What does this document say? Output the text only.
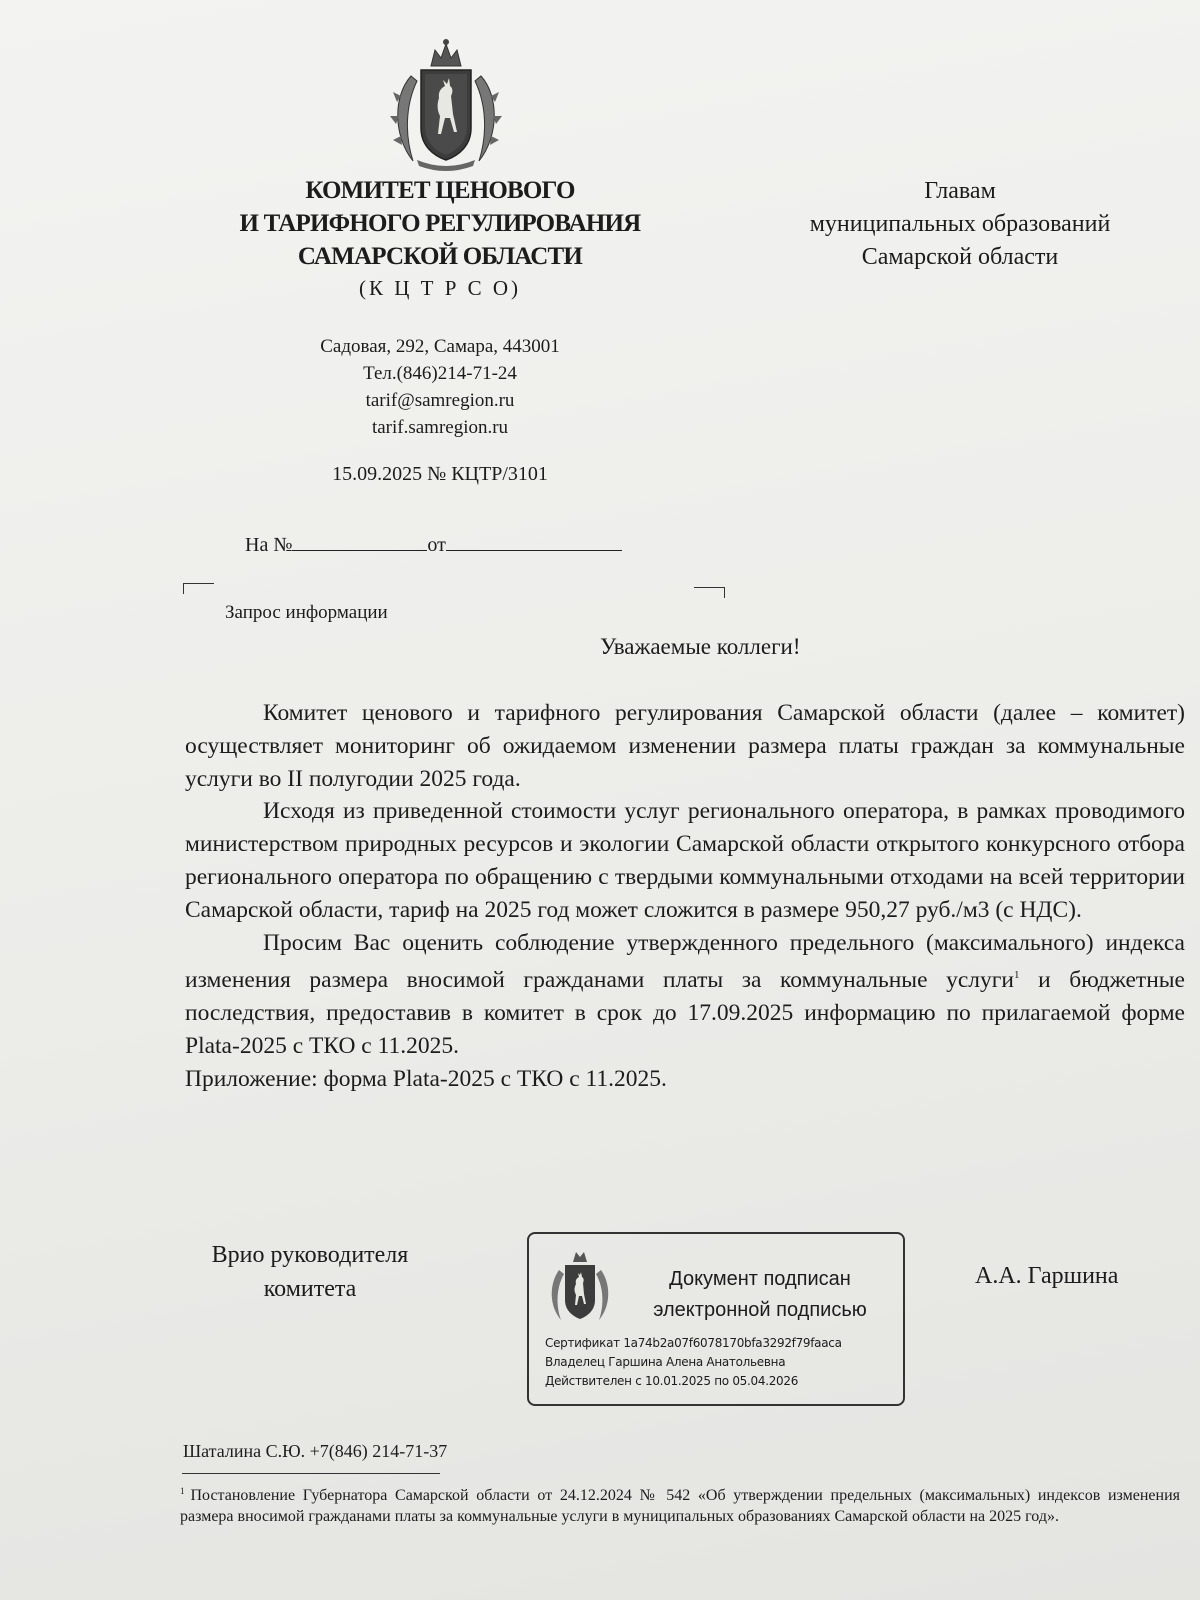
КОМИТЕТ ЦЕНОВОГО
И ТАРИФНОГО РЕГУЛИРОВАНИЯ
САМАРСКОЙ ОБЛАСТИ
(К Ц Т Р С О)
Садовая, 292, Самара, 443001
Тел.(846)214-71-24
tarif@samregion.ru
tarif.samregion.ru
15.09.2025 № КЦТР/3101
Главам
муниципальных образований
Самарской области
На №	от
Запрос информации
Уважаемые коллеги!

Комитет ценового и тарифного регулирования Самарской области (далее – комитет) осуществляет мониторинг об ожидаемом изменении размера платы граждан за коммунальные услуги во II полугодии 2025 года.

Исходя из приведенной стоимости услуг регионального оператора, в рамках проводимого министерством природных ресурсов и экологии Самарской области открытого конкурсного отбора регионального оператора по обращению с твердыми коммунальными отходами на всей территории Самарской области, тариф на 2025 год может сложится в размере 950,27 руб./м3 (с НДС).

Просим Вас оценить соблюдение утвержденного предельного (максимального) индекса изменения размера вносимой гражданами платы за коммунальные услуги$^1$ и бюджетные последствия, предоставив в комитет в срок до 17.09.2025 информацию по прилагаемой форме Plata-2025 с ТКО с 11.2025.

Приложение: форма Plata-2025 с ТКО с 11.2025.

Врио руководителя
комитета	Документ подписан
электронной подписью
Сертификат 1a74b2a07f6078170bfa3292f79faaca
Владелец Гаршина Алена Анатольевна
Действителен с 10.01.2025 по 05.04.2026
А.А. Гаршина
Шаталина С.Ю. +7(846) 214-71-37
$^1$ Постановление Губернатора Самарской области от 24.12.2024 № 542 «Об утверждении предельных (максимальных) индексов изменения размера вносимой гражданами платы за коммунальные услуги в муниципальных образованиях Самарской области на 2025 год».
